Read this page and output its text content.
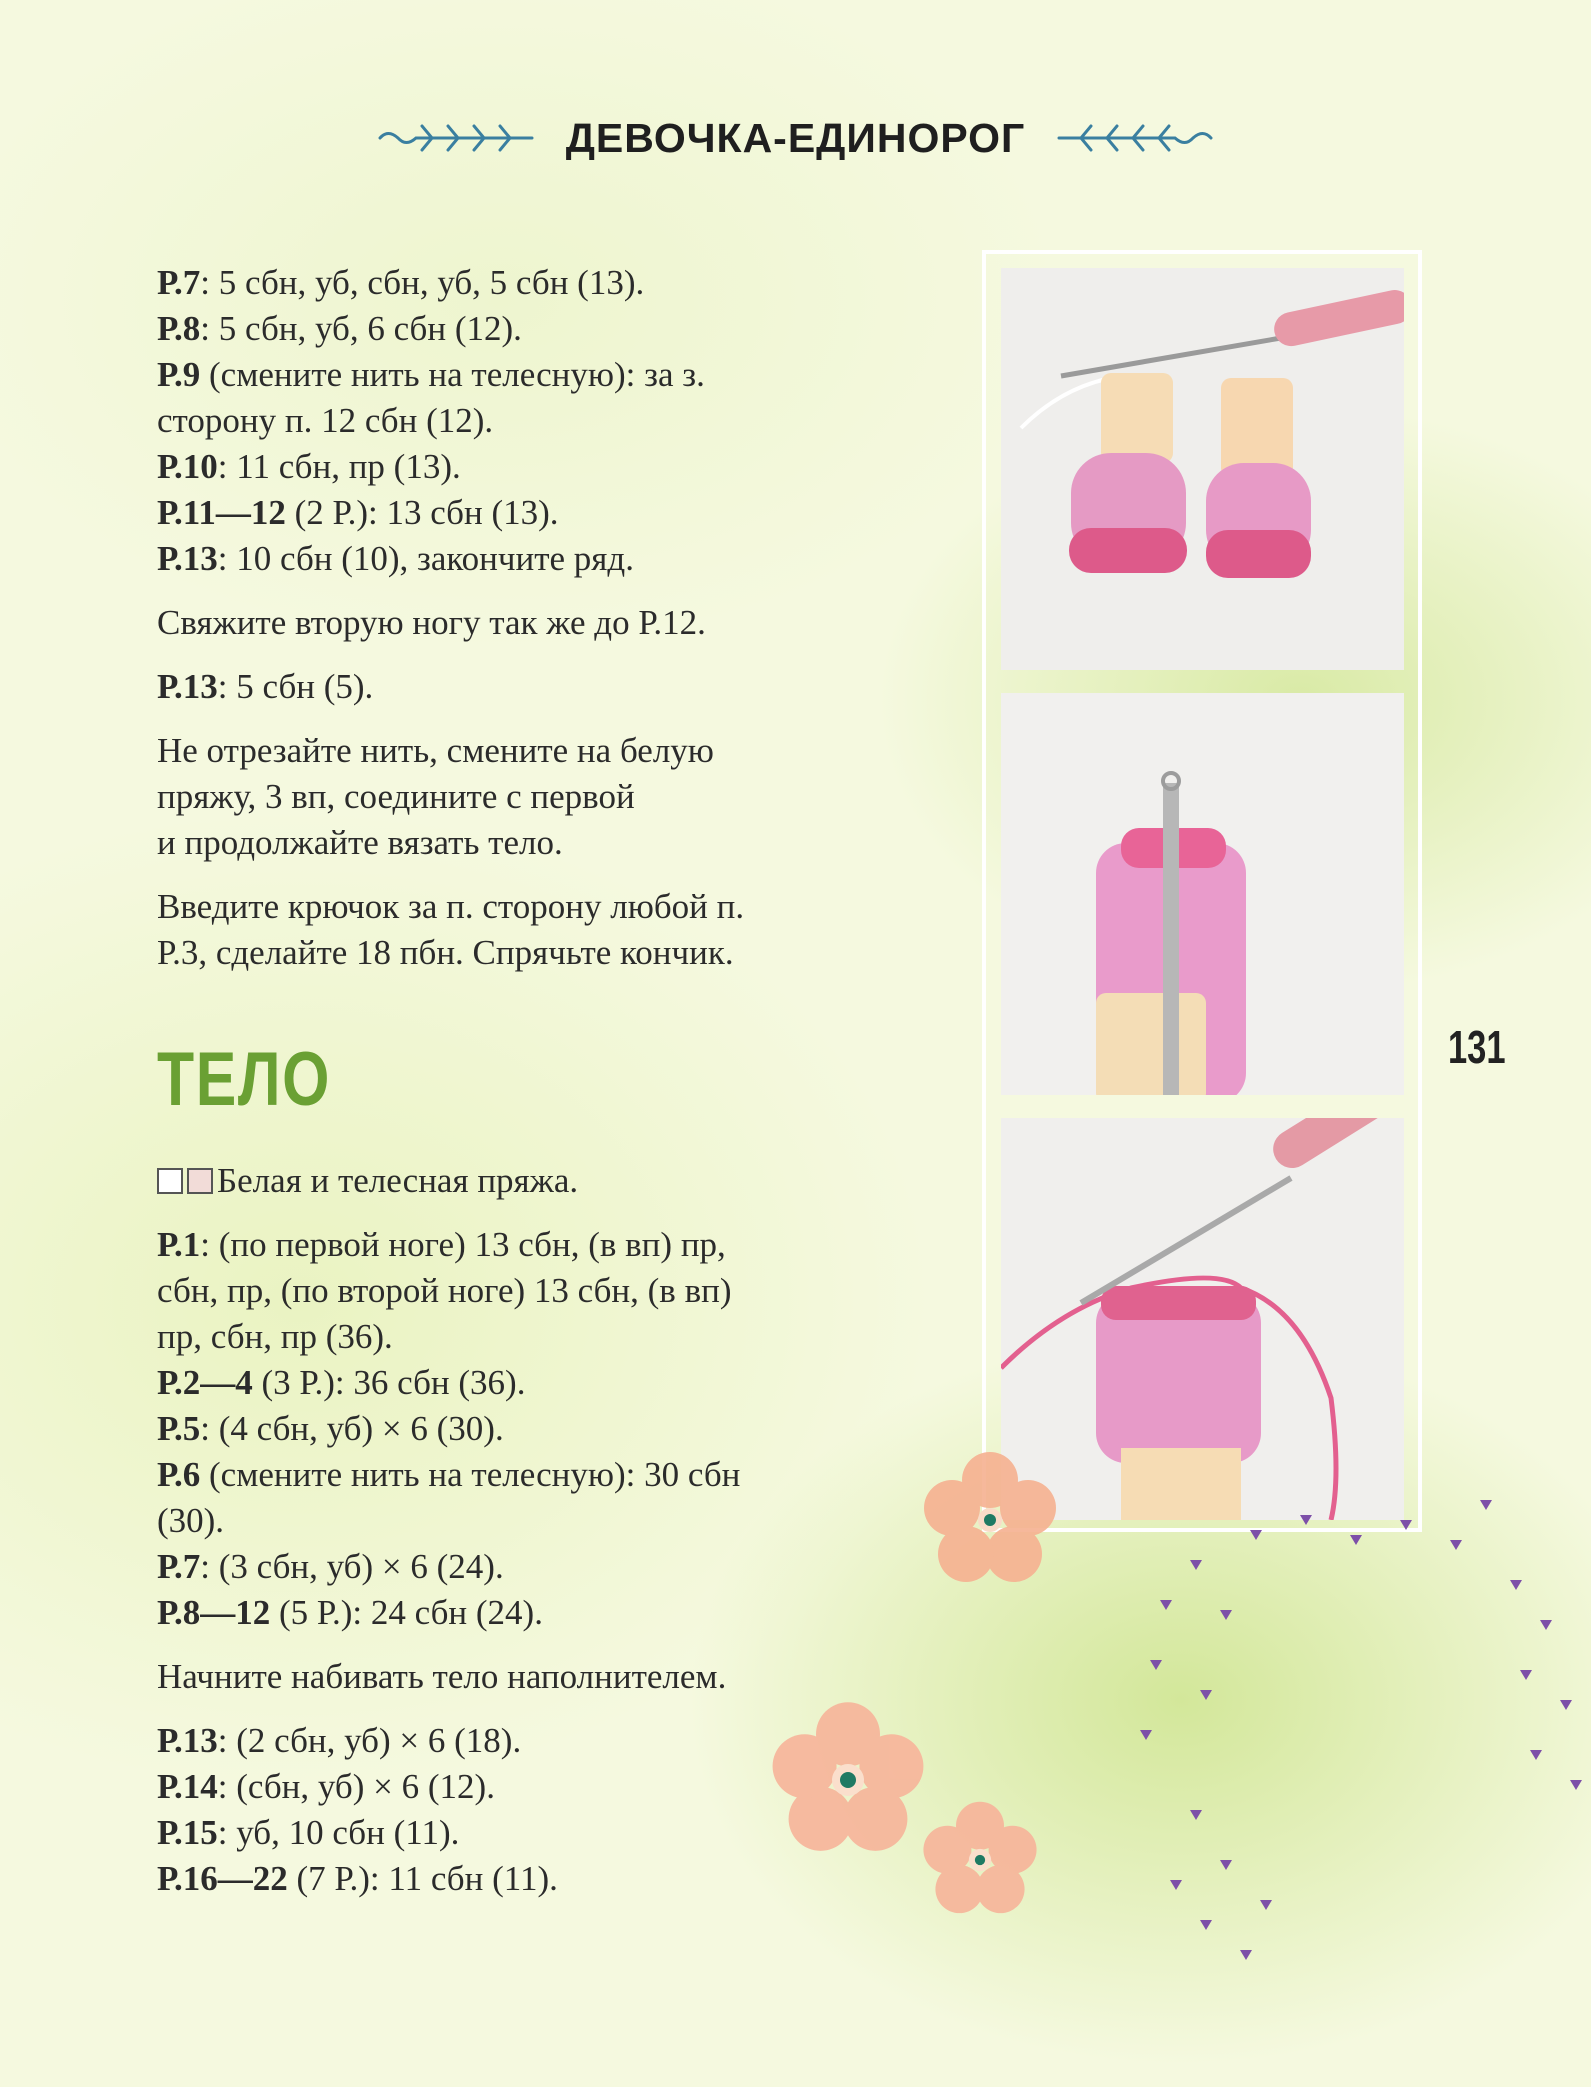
ДЕВОЧКА-ЕДИНОРОГ
131
Р.7: 5 сбн, уб, сбн, уб, 5 сбн (13).
Р.8: 5 сбн, уб, 6 сбн (12).
Р.9 (смените нить на телесную): за з.
сторону п. 12 сбн (12).
Р.10: 11 сбн, пр (13).
Р.11—12 (2 Р.): 13 сбн (13).
Р.13: 10 сбн (10), закончите ряд.
Свяжите вторую ногу так же до Р.12.
Р.13: 5 сбн (5).
Не отрезайте нить, смените на белую
пряжу, 3 вп, соедините с первой
и продолжайте вязать тело.
Введите крючок за п. сторону любой п.
Р.3, сделайте 18 пбн. Спрячьте кончик.
ТЕЛО
Белая и телесная пряжа.
Р.1: (по первой ноге) 13 сбн, (в вп) пр,
сбн, пр, (по второй ноге) 13 сбн, (в вп)
пр, сбн, пр (36).
Р.2—4 (3 Р.): 36 сбн (36).
Р.5: (4 сбн, уб) × 6 (30).
Р.6 (смените нить на телесную): 30 сбн
(30).
Р.7: (3 сбн, уб) × 6 (24).
Р.8—12 (5 Р.): 24 сбн (24).
Начните набивать тело наполнителем.
Р.13: (2 сбн, уб) × 6 (18).
Р.14: (сбн, уб) × 6 (12).
Р.15: уб, 10 сбн (11).
Р.16—22 (7 Р.): 11 сбн (11).
